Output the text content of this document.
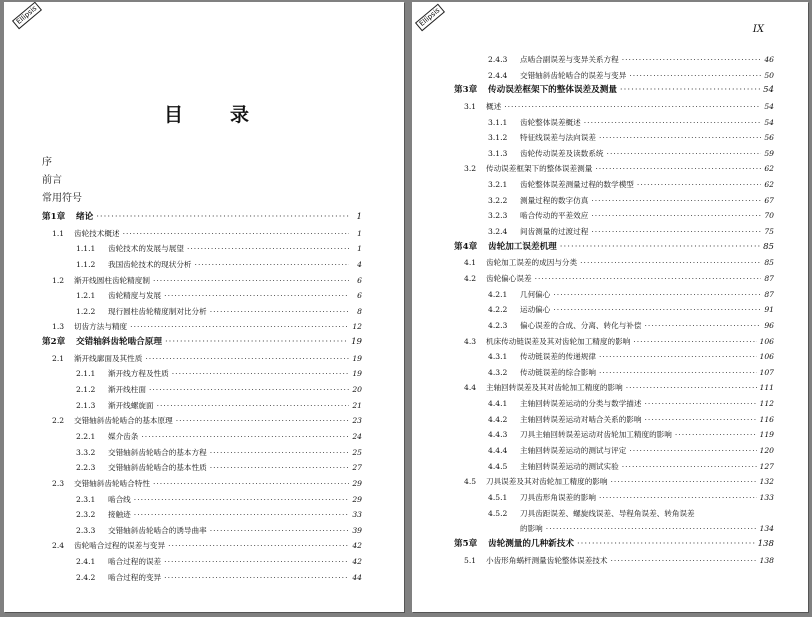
Ellipsis
目录
序
前言
常用符号
第1章	绪论 ·····	1
1.1	齿轮技术概述 ·····	1
1.1.1	齿轮技术的发展与展望 ·····	1
1.1.2	我国齿轮技术的现状分析 ·····	4
1.2	渐开线圆柱齿轮精度制 ·····	6
1.2.1	齿轮精度与发展 ·····	6
1.2.2	现行圆柱齿轮精度制对比分析 ·····	8
1.3	切齿方法与精度 ·····	12
第2章	交错轴斜齿轮啮合原理 ·····	19
2.1	渐开线廓面及其性质 ·····	19
2.1.1	渐开线方程及性质 ·····	19
2.1.2	渐开线柱面 ·····	20
2.1.3	渐开线螺旋面 ·····	21
2.2	交错轴斜齿轮啮合的基本原理 ·····	23
2.2.1	媒介齿条 ·····	24
3.3.2	交错轴斜齿轮啮合的基本方程 ·····	25
2.2.3	交错轴斜齿轮啮合的基本性质 ·····	27
2.3	交错轴斜齿轮啮合特性 ·····	29
2.3.1	啮合线 ·····	29
2.3.2	接触迹 ·····	33
2.3.3	交错轴斜齿轮啮合的诱导曲率 ·····	39
2.4	齿轮啮合过程的误差与变异 ·····	42
2.4.1	啮合过程的误差 ·····	42
2.4.2	啮合过程的变异 ·····	44
Ellipsis
IX
2.4.3	点啮合副误差与变异关系方程 ·····	46
2.4.4	交错轴斜齿轮啮合的误差与变异 ·····	50
第3章	传动误差框架下的整体误差及测量 ·····	54
3.1	概述 ·····	54
3.1.1	齿轮整体误差概述 ·····	54
3.1.2	特征线误差与法向误差 ·····	56
3.1.3	齿轮传动误差及读数系统 ·····	59
3.2	传动误差框架下的整体误差测量 ·····	62
3.2.1	齿轮整体误差测量过程的数学模型 ·····	62
3.2.2	测量过程的数字仿真 ·····	67
3.2.3	啮合传动的平差效应 ·····	70
3.2.4	间齿测量的过渡过程 ·····	75
第4章	齿轮加工误差机理 ·····	85
4.1	齿轮加工误差的成因与分类 ·····	85
4.2	齿轮偏心误差 ·····	87
4.2.1	几何偏心 ·····	87
4.2.2	运动偏心 ·····	91
4.2.3	偏心误差的合成、分离、转化与补偿 ·····	96
4.3	机床传动链误差及其对齿轮加工精度的影响 ·····	106
4.3.1	传动链误差的传递规律 ·····	106
4.3.2	传动链误差的综合影响 ·····	107
4.4	主轴回转误差及其对齿轮加工精度的影响 ·····	111
4.4.1	主轴回转误差运动的分类与数学描述 ·····	112
4.4.2	主轴回转误差运动对啮合关系的影响 ·····	116
4.4.3	刀具主轴回转误差运动对齿轮加工精度的影响 ·····	119
4.4.4	主轴回转误差运动的测试与评定 ·····	120
4.4.5	主轴回转误差运动的测试实验 ·····	127
4.5	刀具误差及其对齿轮加工精度的影响 ·····	132
4.5.1	刀具齿形角误差的影响 ·····	133
4.5.2	刀具齿距误差、螺旋线误差、导程角误差、转角误差
的影响 ·····	134
第5章	齿轮测量的几种新技术 ·····	138
5.1	小齿形角蜗杆测量齿轮整体误差技术 ·····	138
